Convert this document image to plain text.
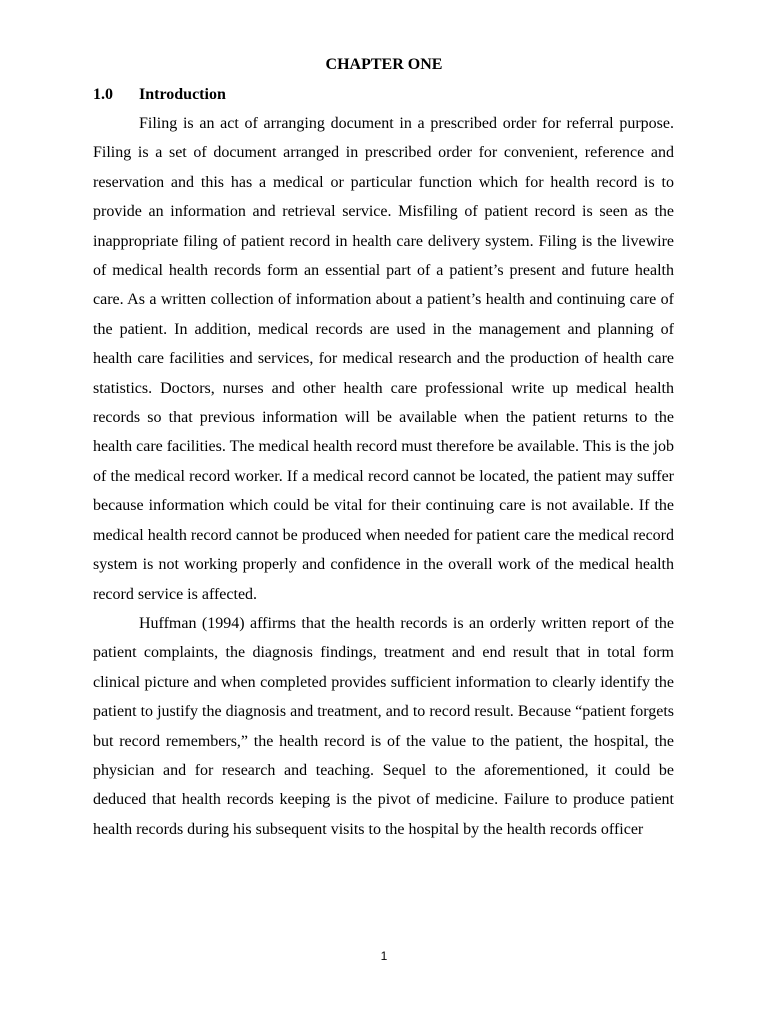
CHAPTER ONE
1.0 Introduction

Filing is an act of arranging document in a prescribed order for referral purpose. Filing is a set of document arranged in prescribed order for convenient, reference and reservation and this has a medical or particular function which for health record is to provide an information and retrieval service. Misfiling of patient record is seen as the inappropriate filing of patient record in health care delivery system. Filing is the livewire of medical health records form an essential part of a patient’s present and future health care. As a written collection of information about a patient’s health and continuing care of the patient. In addition, medical records are used in the management and planning of health care facilities and services, for medical research and the production of health care statistics. Doctors, nurses and other health care professional write up medical health records so that previous information will be available when the patient returns to the health care facilities. The medical health record must therefore be available. This is the job of the medical record worker. If a medical record cannot be located, the patient may suffer because information which could be vital for their continuing care is not available. If the medical health record cannot be produced when needed for patient care the medical record system is not working properly and confidence in the overall work of the medical health record service is affected.

Huffman (1994) affirms that the health records is an orderly written report of the patient complaints, the diagnosis findings, treatment and end result that in total form clinical picture and when completed provides sufficient information to clearly identify the patient to justify the diagnosis and treatment, and to record result. Because “patient forgets but record remembers,” the health record is of the value to the patient, the hospital, the physician and for research and teaching. Sequel to the aforementioned, it could be deduced that health records keeping is the pivot of medicine. Failure to produce patient health records during his subsequent visits to the hospital by the health records officer

1
